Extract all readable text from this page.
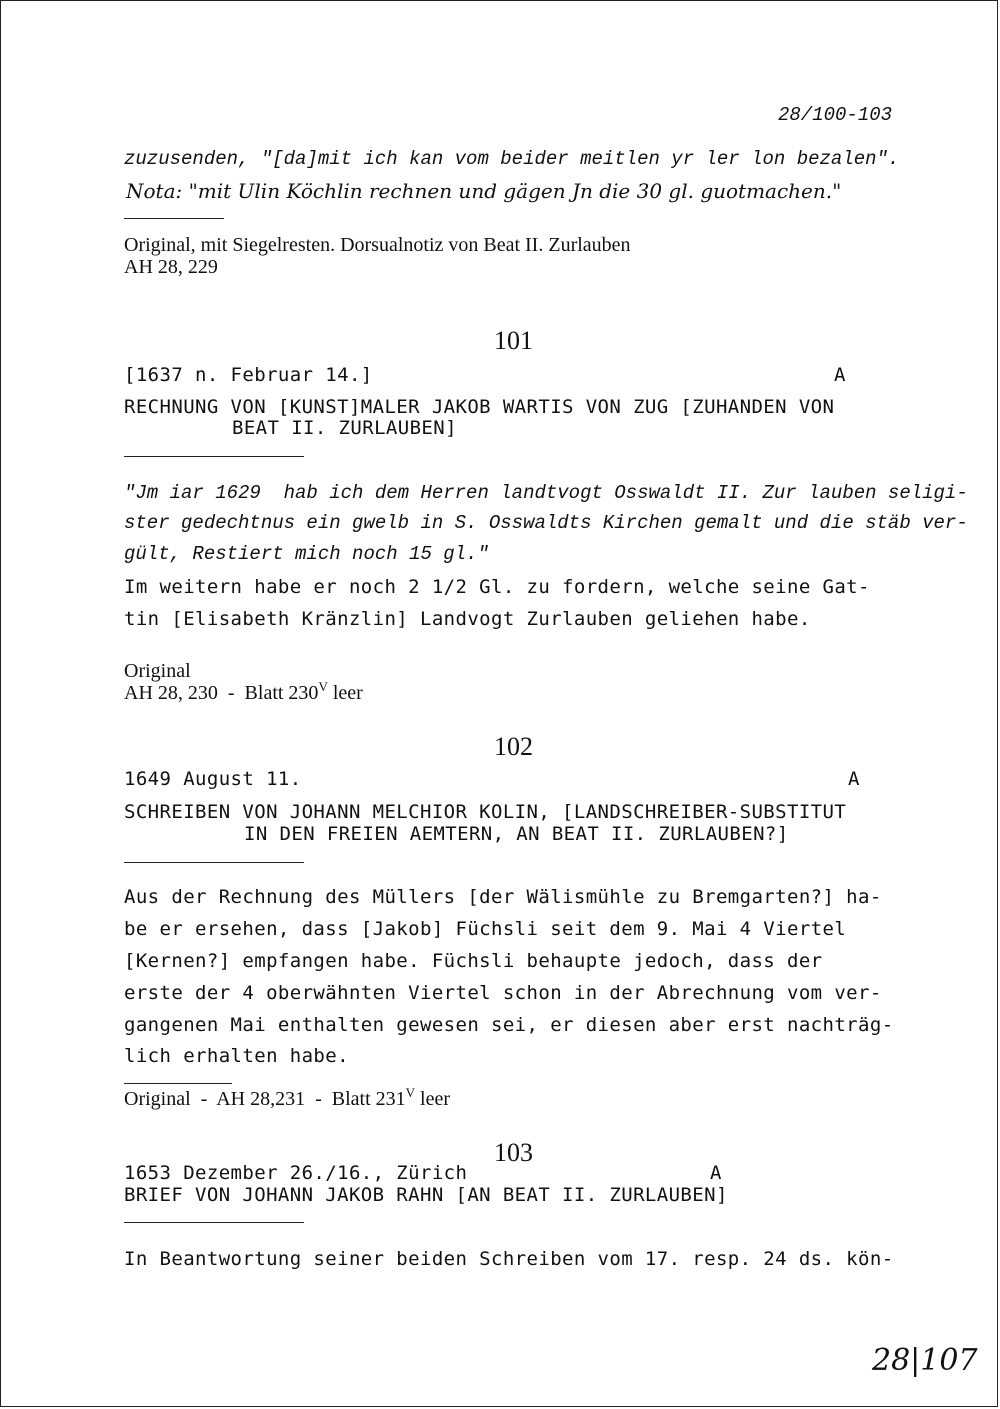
28/100-103
zuzusenden, "[da]mit ich kan vom beider meitlen yr ler lon bezalen".
Nota: "mit Ulin Köchlin rechnen und gägen Jn die 30 gl. guotmachen."
Original, mit Siegelresten. Dorsualnotiz von Beat II. Zurlauben
AH 28, 229
101
[1637 n. Februar 14.]	A
RECHNUNG VON [KUNST]MALER JAKOB WARTIS VON ZUG [ZUHANDEN VON
BEAT II. ZURLAUBEN]
"Jm iar 1629  hab ich dem Herren landtvogt Osswaldt II. Zur lauben seligi-
ster gedechtnus ein gwelb in S. Osswaldts Kirchen gemalt und die stäb ver-
gült, Restiert mich noch 15 gl."
Im weitern habe er noch 2 1/2 Gl. zu fordern, welche seine Gat-
tin [Elisabeth Kränzlin] Landvogt Zurlauben geliehen habe.
Original
AH 28, 230  -  Blatt $230^V$ leer
102
1649 August 11.	A
SCHREIBEN VON JOHANN MELCHIOR KOLIN, [LANDSCHREIBER-SUBSTITUT
IN DEN FREIEN AEMTERN, AN BEAT II. ZURLAUBEN?]
Aus der Rechnung des Müllers [der Wälismühle zu Bremgarten?] ha-
be er ersehen, dass [Jakob] Füchsli seit dem 9. Mai 4 Viertel
[Kernen?] empfangen habe. Füchsli behaupte jedoch, dass der
erste der 4 oberwähnten Viertel schon in der Abrechnung vom ver-
gangenen Mai enthalten gewesen sei, er diesen aber erst nachträg-
lich erhalten habe.
Original  -  AH 28,231  -  Blatt $231^V$ leer
103
1653 Dezember 26./16., Zürich	A
BRIEF VON JOHANN JAKOB RAHN [AN BEAT II. ZURLAUBEN]
In Beantwortung seiner beiden Schreiben vom 17. resp. 24 ds. kön-
28|107
